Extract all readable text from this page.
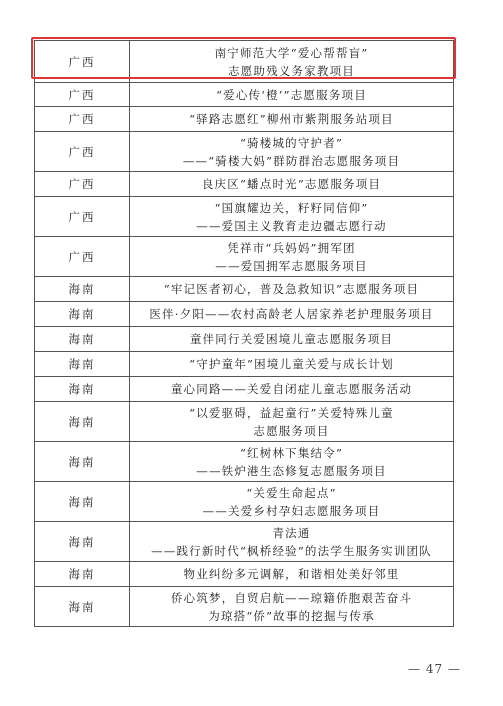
广西	南宁师范大学“爱心帮帮盲”
志愿助残义务家教项目

广西	“爱心传‘橙’”志愿服务项目

广西	“驿路志愿红”柳州市紫荆服务站项目

广西	“骑楼城的守护者”
——“骑楼大妈”群防群治志愿服务项目

广西	良庆区“蟠点时光”志愿服务项目

广西	“国旗耀边关，籽籽同信仰”
——爱国主义教育走边疆志愿行动

广西	凭祥市“兵妈妈”拥军团
——爱国拥军志愿服务项目

海南	“牢记医者初心，普及急救知识”志愿服务项目

海南	医伴·夕阳——农村高龄老人居家养老护理服务项目

海南	童伴同行关爱困境儿童志愿服务项目

海南	“守护童年”困境儿童关爱与成长计划

海南	童心同路——关爱自闭症儿童志愿服务活动

海南	“以爱驱碍，益起童行”关爱特殊儿童
志愿服务项目

海南	“红树林下集结令”
——铁炉港生态修复志愿服务项目

海南	“关爱生命起点”
——关爱乡村孕妇志愿服务项目

海南	青法通
——践行新时代“枫桥经验”的法学生服务实训团队

海南	物业纠纷多元调解，和谐相处美好邻里

海南	侨心筑梦，自贸启航——琼籍侨胞艰苦奋斗
为琼搭“侨”故事的挖掘与传承
— 47 —
